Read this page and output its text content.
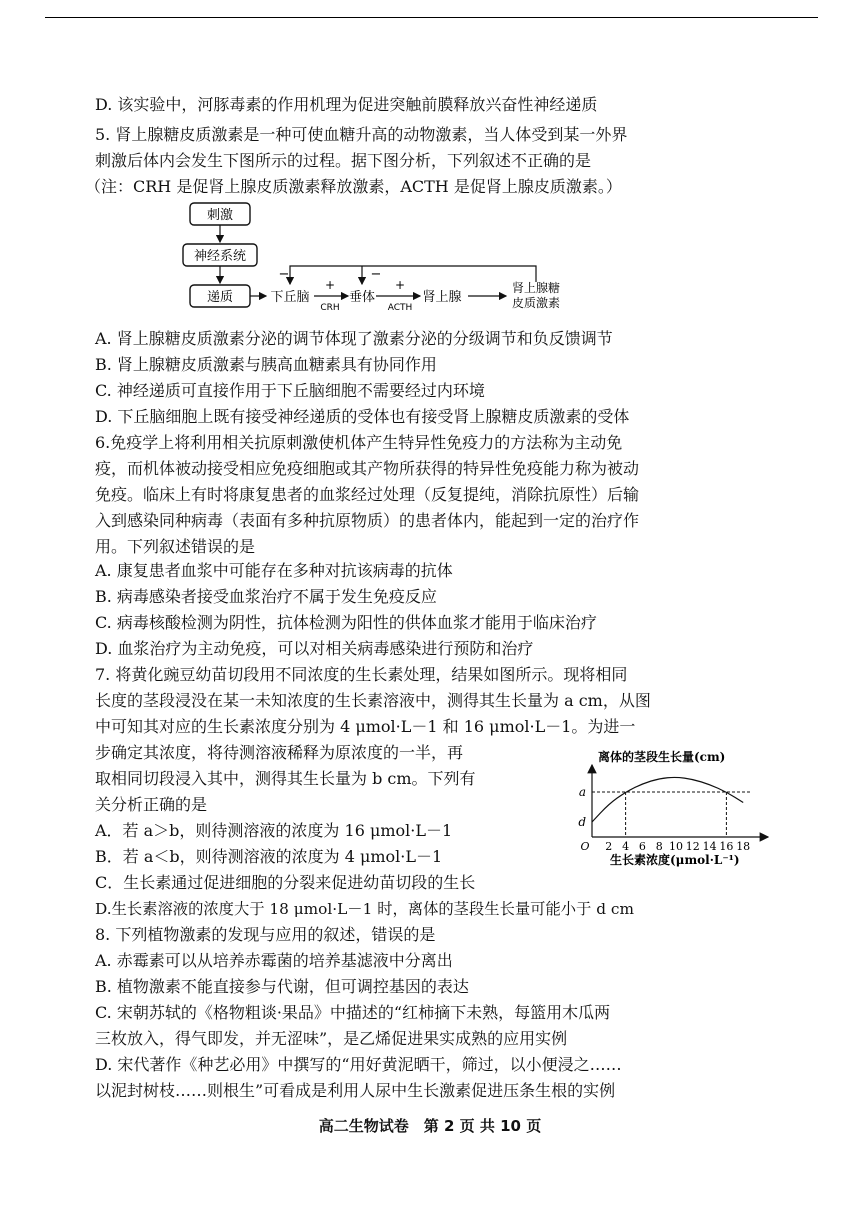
D. 该实验中，河豚毒素的作用机理为促进突触前膜释放兴奋性神经递质
5. 肾上腺糖皮质激素是一种可使血糖升高的动物激素，当人体受到某一外界
刺激后体内会发生下图所示的过程。据下图分析，下列叙述不正确的是
（注：CRH 是促肾上腺皮质激素释放激素，ACTH 是促肾上腺皮质激素。）
刺激
神经系统
递质	下丘脑
+
CRH
垂体
+
ACTH
肾上腺
肾上腺糖
皮质激素
−	−
A. 肾上腺糖皮质激素分泌的调节体现了激素分泌的分级调节和负反馈调节
B. 肾上腺糖皮质激素与胰高血糖素具有协同作用
C. 神经递质可直接作用于下丘脑细胞不需要经过内环境
D. 下丘脑细胞上既有接受神经递质的受体也有接受肾上腺糖皮质激素的受体
6.免疫学上将利用相关抗原刺激使机体产生特异性免疫力的方法称为主动免
疫，而机体被动接受相应免疫细胞或其产物所获得的特异性免疫能力称为被动
免疫。临床上有时将康复患者的血浆经过处理（反复提纯，消除抗原性）后输
入到感染同种病毒（表面有多种抗原物质）的患者体内，能起到一定的治疗作
用。下列叙述错误的是
A. 康复患者血浆中可能存在多种对抗该病毒的抗体
B. 病毒感染者接受血浆治疗不属于发生免疫反应
C. 病毒核酸检测为阴性，抗体检测为阳性的供体血浆才能用于临床治疗
D. 血浆治疗为主动免疫，可以对相关病毒感染进行预防和治疗
7. 将黄化豌豆幼苗切段用不同浓度的生长素处理，结果如图所示。现将相同
长度的茎段浸没在某一未知浓度的生长素溶液中，测得其生长量为 a cm，从图
中可知其对应的生长素浓度分别为 4 μmol·L－1 和 16 μmol·L－1。为进一
步确定其浓度，将待测溶液稀释为原浓度的一半，再
取相同切段浸入其中，测得其生长量为 b cm。下列有
关分析正确的是
A．若 a＞b，则待测溶液的浓度为 16 μmol·L－1
B．若 a＜b，则待测溶液的浓度为 4 μmol·L－1
C．生长素通过促进细胞的分裂来促进幼苗切段的生长
D.生长素溶液的浓度大于 18 μmol·L－1 时，离体的茎段生长量可能小于 d cm
8. 下列植物激素的发现与应用的叙述，错误的是
A. 赤霉素可以从培养赤霉菌的培养基滤液中分离出
B. 植物激素不能直接参与代谢，但可调控基因的表达
C. 宋朝苏轼的《格物粗谈·果品》中描述的“红柿摘下未熟，每篮用木瓜两
三枚放入，得气即发，并无涩味”，是乙烯促进果实成熟的应用实例
D. 宋代著作《种艺必用》中撰写的“用好黄泥晒干，筛过，以小便浸之……
以泥封树枝……则根生”可看成是利用人尿中生长激素促进压条生根的实例
离体的茎段生长量(cm)
O 2 4 6 8 10 12 14 16 18
a
d
生长素浓度(μmol·L⁻¹)
高二生物试卷　第 2 页 共 10 页
